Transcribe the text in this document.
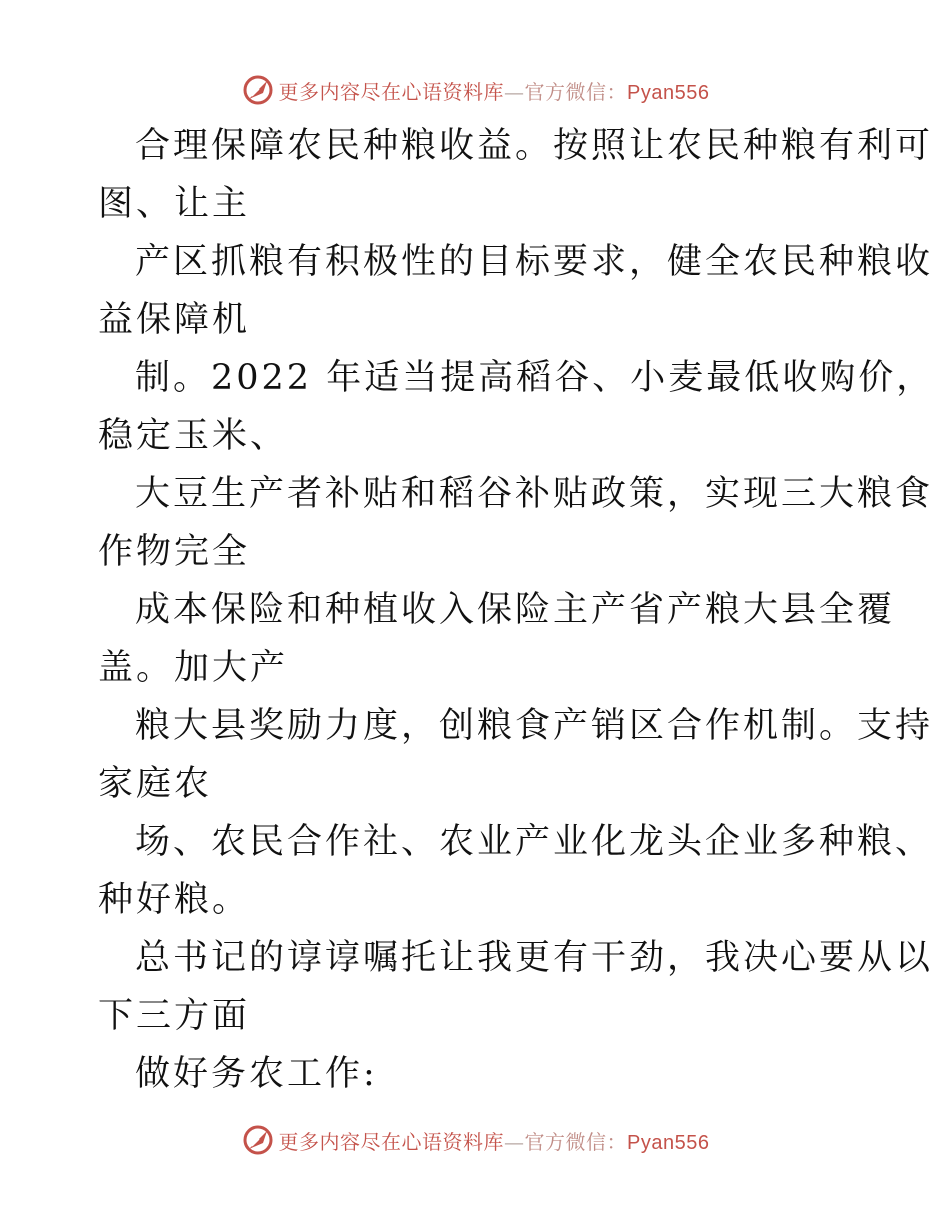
更多内容尽在心语资料库—官方微信：Pyan556
合理保障农民种粮收益。按照让农民种粮有利可
图、让主
产区抓粮有积极性的目标要求，健全农民种粮收
益保障机
制。2022 年适当提高稻谷、小麦最低收购价，
稳定玉米、
大豆生产者补贴和稻谷补贴政策，实现三大粮食
作物完全
成本保险和种植收入保险主产省产粮大县全覆
盖。加大产
粮大县奖励力度，创粮食产销区合作机制。支持
家庭农
场、农民合作社、农业产业化龙头企业多种粮、
种好粮。
总书记的谆谆嘱托让我更有干劲，我决心要从以
下三方面
做好务农工作:
更多内容尽在心语资料库—官方微信：Pyan556
